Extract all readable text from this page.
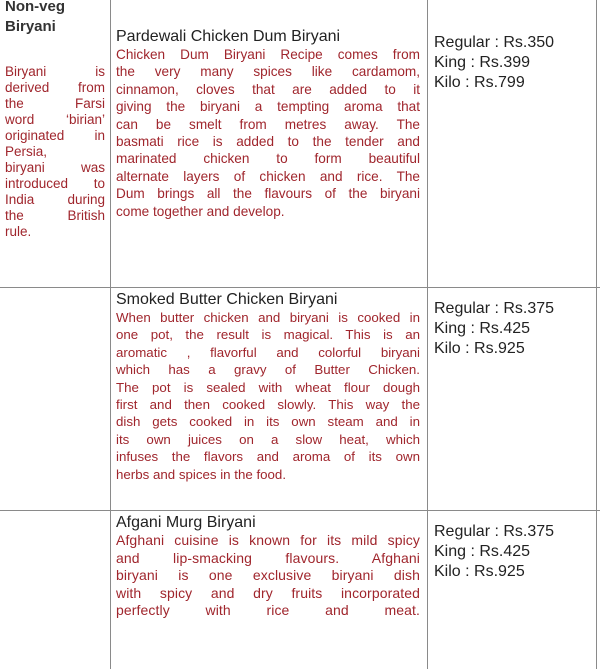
Non-veg
Biryani
Biryani is
derived from
the Farsi
word ‘birian’
originated in
Persia,
biryani was
introduced to
India during
the British
rule.
Pardewali Chicken Dum Biryani
Chicken Dum Biryani Recipe comes from
the very many spices like cardamom,
cinnamon, cloves that are added to it
giving the biryani a tempting aroma that
can be smelt from metres away. The
basmati rice is added to the tender and
marinated chicken to form beautiful
alternate layers of chicken and rice. The
Dum brings all the flavours of the biryani
come together and develop.
Regular : Rs.350
King : Rs.399
Kilo : Rs.799
Smoked Butter Chicken Biryani
When butter chicken and biryani is cooked in
one pot, the result is magical. This is an
aromatic , flavorful and colorful biryani
which has a gravy of Butter Chicken.
The pot is sealed with wheat flour dough
first and then cooked slowly. This way the
dish gets cooked in its own steam and in
its own juices on a slow heat, which
infuses the flavors and aroma of its own
herbs and spices in the food.
Regular : Rs.375
King : Rs.425
Kilo : Rs.925
Afgani Murg Biryani
Afghani cuisine is known for its mild spicy
and lip-smacking flavours. Afghani
biryani is one exclusive biryani dish
with spicy and dry fruits incorporated
perfectly with rice and meat.
Regular : Rs.375
King : Rs.425
Kilo : Rs.925
